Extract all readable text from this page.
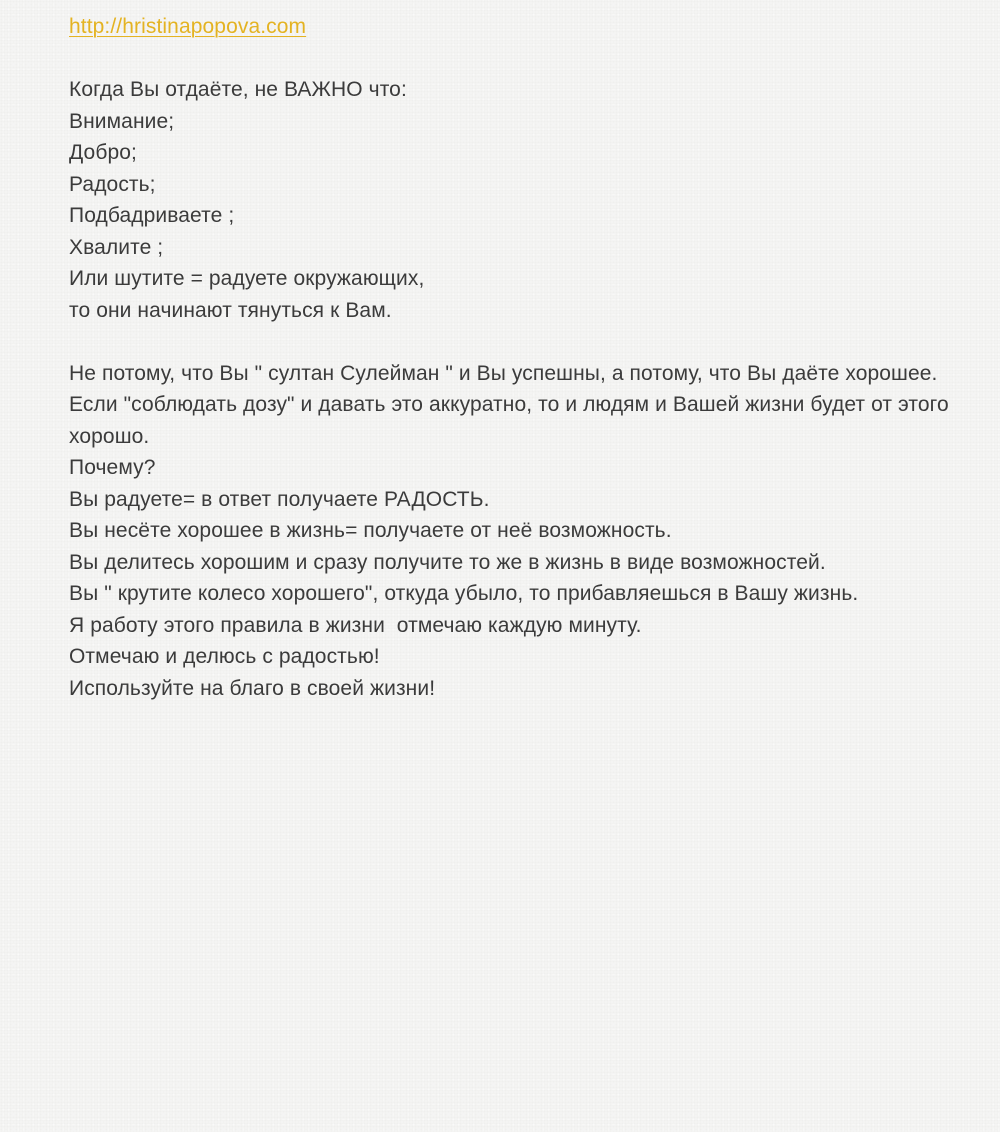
http://hristinapopova.com
Когда Вы отдаёте, не ВАЖНО что:
Внимание;
Добро;
Радость;
Подбадриваете ;
Хвалите ;
Или шутите = радуете окружающих,
то они начинают тянуться к Вам.
Не потому, что Вы " султан Сулейман " и Вы успешны, а потому, что Вы даёте хорошее.
Если "соблюдать дозу" и давать это аккуратно, то и людям и Вашей жизни будет от этого хорошо.
Почему?
Вы радуете= в ответ получаете РАДОСТЬ.
Вы несёте хорошее в жизнь= получаете от неё возможность.
Вы делитесь хорошим и сразу получите то же в жизнь в виде возможностей.
Вы " крутите колесо хорошего", откуда убыло, то прибавляешься в Вашу жизнь.
Я работу этого правила в жизни  отмечаю каждую минуту.
Отмечаю и делюсь с радостью!
Используйте на благо в своей жизни!
